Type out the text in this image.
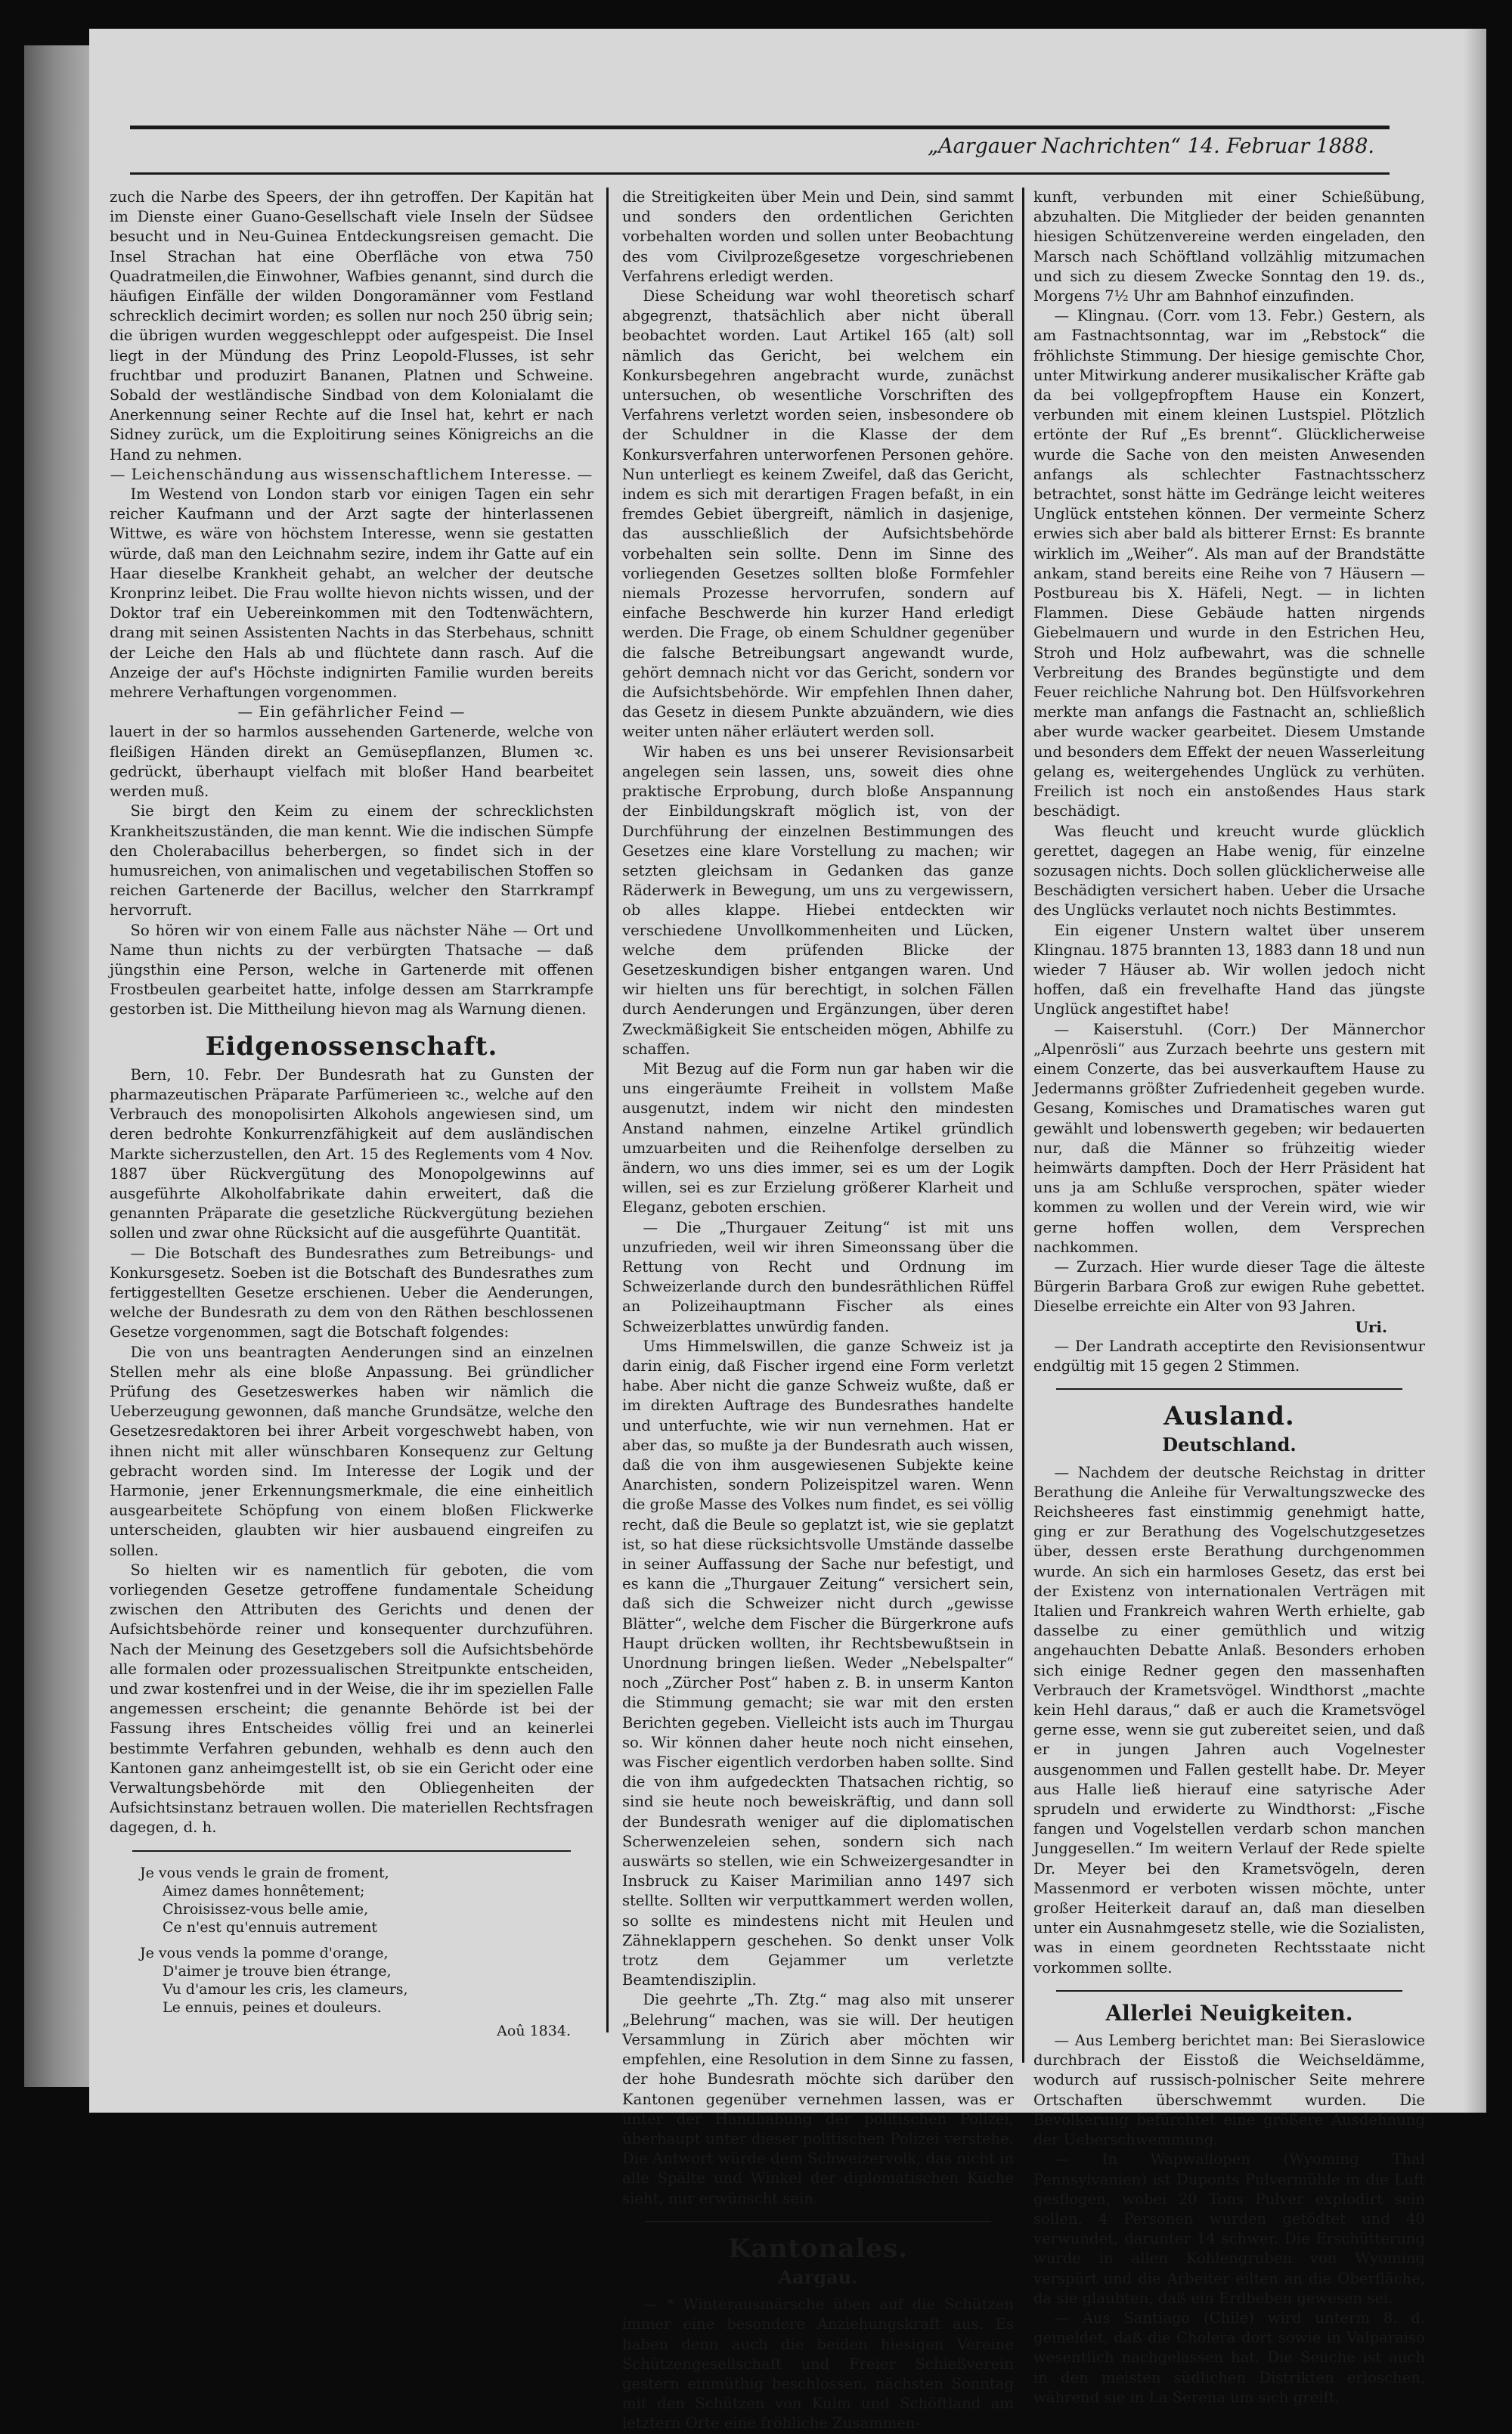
„Aargauer Nachrichten“ 14. Februar 1888.

zuch die Narbe des Speers, der ihn getroffen. Der Kapitän hat im Dienste einer Guano-Gesellschaft viele Inseln der Südsee besucht und in Neu-Guinea Entdeckungsreisen gemacht. Die Insel Strachan hat eine Oberfläche von etwa 750 Quadratmeilen,die Einwohner, Wafbies genannt, sind durch die häufigen Einfälle der wilden Dongoramänner vom Festland schrecklich decimirt worden; es sollen nur noch 250 übrig sein; die übrigen wurden weggeschleppt oder aufgespeist. Die Insel liegt in der Mündung des Prinz Leopold-Flusses, ist sehr fruchtbar und produzirt Bananen, Platnen und Schweine. Sobald der westländische Sindbad von dem Kolonialamt die Anerkennung seiner Rechte auf die Insel hat, kehrt er nach Sidney zurück, um die Exploitirung seines Königreichs an die Hand zu nehmen.

— Leichenschändung aus wissenschaftlichem Interesse. —

Im Westend von London starb vor einigen Tagen ein sehr reicher Kaufmann und der Arzt sagte der hinterlassenen Wittwe, es wäre von höchstem Interesse, wenn sie gestatten würde, daß man den Leichnahm sezire, indem ihr Gatte auf ein Haar dieselbe Krankheit gehabt, an welcher der deutsche Kronprinz leibet. Die Frau wollte hievon nichts wissen, und der Doktor traf ein Uebereinkommen mit den Todtenwächtern, drang mit seinen Assistenten Nachts in das Sterbehaus, schnitt der Leiche den Hals ab und flüchtete dann rasch. Auf die Anzeige der auf's Höchste indignirten Familie wurden bereits mehrere Verhaftungen vorgenommen.

— Ein gefährlicher Feind —

lauert in der so harmlos aussehenden Gartenerde, welche von fleißigen Händen direkt an Gemüsepflanzen, Blumen ꝛc. gedrückt, überhaupt vielfach mit bloßer Hand bearbeitet werden muß.

Sie birgt den Keim zu einem der schrecklichsten Krankheitszuständen, die man kennt. Wie die indischen Sümpfe den Cholerabacillus beherbergen, so findet sich in der humusreichen, von animalischen und vegetabilischen Stoffen so reichen Gartenerde der Bacillus, welcher den Starrkrampf hervorruft.

So hören wir von einem Falle aus nächster Nähe — Ort und Name thun nichts zu der verbürgten Thatsache — daß jüngsthin eine Person, welche in Gartenerde mit offenen Frostbeulen gearbeitet hatte, infolge dessen am Starrkrampfe gestorben ist. Die Mittheilung hievon mag als Warnung dienen.

Eidgenossenschaft.

Bern, 10. Febr. Der Bundesrath hat zu Gunsten der pharmazeutischen Präparate Parfümerieen ꝛc., welche auf den Verbrauch des monopolisirten Alkohols angewiesen sind, um deren bedrohte Konkurrenzfähigkeit auf dem ausländischen Markte sicherzustellen, den Art. 15 des Reglements vom 4 Nov. 1887 über Rückvergütung des Monopolgewinns auf ausgeführte Alkoholfabrikate dahin erweitert, daß die genannten Präparate die gesetzliche Rückvergütung beziehen sollen und zwar ohne Rücksicht auf die ausgeführte Quantität.

— Die Botschaft des Bundesrathes zum Betreibungs- und Konkursgesetz. Soeben ist die Botschaft des Bundesrathes zum fertiggestellten Gesetze erschienen. Ueber die Aenderungen, welche der Bundesrath zu dem von den Räthen beschlossenen Gesetze vorgenommen, sagt die Botschaft folgendes:

Die von uns beantragten Aenderungen sind an einzelnen Stellen mehr als eine bloße Anpassung. Bei gründlicher Prüfung des Gesetzeswerkes haben wir nämlich die Ueberzeugung gewonnen, daß manche Grundsätze, welche den Gesetzesredaktoren bei ihrer Arbeit vorgeschwebt haben, von ihnen nicht mit aller wünschbaren Konsequenz zur Geltung gebracht worden sind. Im Interesse der Logik und der Harmonie, jener Erkennungsmerkmale, die eine einheitlich ausgearbeitete Schöpfung von einem bloßen Flickwerke unterscheiden, glaubten wir hier ausbauend eingreifen zu sollen.

So hielten wir es namentlich für geboten, die vom vorliegenden Gesetze getroffene fundamentale Scheidung zwischen den Attributen des Gerichts und denen der Aufsichtsbehörde reiner und konsequenter durchzuführen. Nach der Meinung des Gesetzgebers soll die Aufsichtsbehörde alle formalen oder prozessualischen Streitpunkte entscheiden, und zwar kostenfrei und in der Weise, die ihr im speziellen Falle angemessen erscheint; die genannte Behörde ist bei der Fassung ihres Entscheides völlig frei und an keinerlei bestimmte Verfahren gebunden, wehhalb es denn auch den Kantonen ganz anheimgestellt ist, ob sie ein Gericht oder eine Verwaltungsbehörde mit den Obliegenheiten der Aufsichtsinstanz betrauen wollen. Die materiellen Rechtsfragen dagegen, d. h.

Je vous vends le grain de froment,
Aimez dames honnêtement;
Chroisissez-vous belle amie,
Ce n'est qu'ennuis autrement
Je vous vends la pomme d'orange,
D'aimer je trouve bien étrange,
Vu d'amour les cris, les clameurs,
Le ennuis, peines et douleurs.
Aoû 1834.

die Streitigkeiten über Mein und Dein, sind sammt und sonders den ordentlichen Gerichten vorbehalten worden und sollen unter Beobachtung des vom Civilprozeßgesetze vorgeschriebenen Verfahrens erledigt werden.

Diese Scheidung war wohl theoretisch scharf abgegrenzt, thatsächlich aber nicht überall beobachtet worden. Laut Artikel 165 (alt) soll nämlich das Gericht, bei welchem ein Konkursbegehren angebracht wurde, zunächst untersuchen, ob wesentliche Vorschriften des Verfahrens verletzt worden seien, insbesondere ob der Schuldner in die Klasse der dem Konkursverfahren unterworfenen Personen gehöre. Nun unterliegt es keinem Zweifel, daß das Gericht, indem es sich mit derartigen Fragen befaßt, in ein fremdes Gebiet übergreift, nämlich in dasjenige, das ausschließlich der Aufsichtsbehörde vorbehalten sein sollte. Denn im Sinne des vorliegenden Gesetzes sollten bloße Formfehler niemals Prozesse hervorrufen, sondern auf einfache Beschwerde hin kurzer Hand erledigt werden. Die Frage, ob einem Schuldner gegenüber die falsche Betreibungsart angewandt wurde, gehört demnach nicht vor das Gericht, sondern vor die Aufsichtsbehörde. Wir empfehlen Ihnen daher, das Gesetz in diesem Punkte abzuändern, wie dies weiter unten näher erläutert werden soll.

Wir haben es uns bei unserer Revisionsarbeit angelegen sein lassen, uns, soweit dies ohne praktische Erprobung, durch bloße Anspannung der Einbildungskraft möglich ist, von der Durchführung der einzelnen Bestimmungen des Gesetzes eine klare Vorstellung zu machen; wir setzten gleichsam in Gedanken das ganze Räderwerk in Bewegung, um uns zu vergewissern, ob alles klappe. Hiebei entdeckten wir verschiedene Unvollkommenheiten und Lücken, welche dem prüfenden Blicke der Gesetzeskundigen bisher entgangen waren. Und wir hielten uns für berechtigt, in solchen Fällen durch Aenderungen und Ergänzungen, über deren Zweckmäßigkeit Sie entscheiden mögen, Abhilfe zu schaffen.

Mit Bezug auf die Form nun gar haben wir die uns eingeräumte Freiheit in vollstem Maße ausgenutzt, indem wir nicht den mindesten Anstand nahmen, einzelne Artikel gründlich umzuarbeiten und die Reihenfolge derselben zu ändern, wo uns dies immer, sei es um der Logik willen, sei es zur Erzielung größerer Klarheit und Eleganz, geboten erschien.

— Die „Thurgauer Zeitung“ ist mit uns unzufrieden, weil wir ihren Simeonssang über die Rettung von Recht und Ordnung im Schweizerlande durch den bundesräthlichen Rüffel an Polizeihauptmann Fischer als eines Schweizerblattes unwürdig fanden.

Ums Himmelswillen, die ganze Schweiz ist ja darin einig, daß Fischer irgend eine Form verletzt habe. Aber nicht die ganze Schweiz wußte, daß er im direkten Auftrage des Bundesrathes handelte und unterfuchte, wie wir nun vernehmen. Hat er aber das, so mußte ja der Bundesrath auch wissen, daß die von ihm ausgewiesenen Subjekte keine Anarchisten, sondern Polizeispitzel waren. Wenn die große Masse des Volkes num findet, es sei völlig recht, daß die Beule so geplatzt ist, wie sie geplatzt ist, so hat diese rücksichtsvolle Umstände dasselbe in seiner Auffassung der Sache nur befestigt, und es kann die „Thurgauer Zeitung“ versichert sein, daß sich die Schweizer nicht durch „gewisse Blätter“, welche dem Fischer die Bürgerkrone aufs Haupt drücken wollten, ihr Rechtsbewußtsein in Unordnung bringen ließen. Weder „Nebelspalter“ noch „Zürcher Post“ haben z. B. in unserm Kanton die Stimmung gemacht; sie war mit den ersten Berichten gegeben. Vielleicht ists auch im Thurgau so. Wir können daher heute noch nicht einsehen, was Fischer eigentlich verdorben haben sollte. Sind die von ihm aufgedeckten Thatsachen richtig, so sind sie heute noch beweiskräftig, und dann soll der Bundesrath weniger auf die diplomatischen Scherwenzeleien sehen, sondern sich nach auswärts so stellen, wie ein Schweizergesandter in Insbruck zu Kaiser Marimilian anno 1497 sich stellte. Sollten wir verputtkammert werden wollen, so sollte es mindestens nicht mit Heulen und Zähneklappern geschehen. So denkt unser Volk trotz dem Gejammer um verletzte Beamtendisziplin.

Die geehrte „Th. Ztg.“ mag also mit unserer „Belehrung“ machen, was sie will. Der heutigen Versammlung in Zürich aber möchten wir empfehlen, eine Resolution in dem Sinne zu fassen, der hohe Bundesrath möchte sich darüber den Kantonen gegenüber vernehmen lassen, was er unter der Handhabung der politischen Polizei, überhaupt unter dieser politischen Polizei verstehe. Die Antwort würde dem Schweizervolk, das nicht in alle Spälte und Winkel der diplomatischen Küche sieht, nur erwünscht sein.

Kantonales.
Aargau.

— * Winterausmärsche üben auf die Schützen immer eine besondere Anziehungskraft aus. Es haben denn auch die beiden hiesigen Vereine Schützengesellschaft und Freier Schießverein gestern einmüthig beschlossen, nächsten Sonntag mit den Schützen von Kulm und Schöftland am letztern Orte eine fröhliche Zusammen-

kunft, verbunden mit einer Schießübung, abzuhalten. Die Mitglieder der beiden genannten hiesigen Schützenvereine werden eingeladen, den Marsch nach Schöftland vollzählig mitzumachen und sich zu diesem Zwecke Sonntag den 19. ds., Morgens 7½ Uhr am Bahnhof einzufinden.

— Klingnau. (Corr. vom 13. Febr.) Gestern, als am Fastnachtsonntag, war im „Rebstock“ die fröhlichste Stimmung. Der hiesige gemischte Chor, unter Mitwirkung anderer musikalischer Kräfte gab da bei vollgepfropftem Hause ein Konzert, verbunden mit einem kleinen Lustspiel. Plötzlich ertönte der Ruf „Es brennt“. Glücklicherweise wurde die Sache von den meisten Anwesenden anfangs als schlechter Fastnachtsscherz betrachtet, sonst hätte im Gedränge leicht weiteres Unglück entstehen können. Der vermeinte Scherz erwies sich aber bald als bitterer Ernst: Es brannte wirklich im „Weiher“. Als man auf der Brandstätte ankam, stand bereits eine Reihe von 7 Häusern — Postbureau bis X. Häfeli, Negt. — in lichten Flammen. Diese Gebäude hatten nirgends Giebelmauern und wurde in den Estrichen Heu, Stroh und Holz aufbewahrt, was die schnelle Verbreitung des Brandes begünstigte und dem Feuer reichliche Nahrung bot. Den Hülfsvorkehren merkte man anfangs die Fastnacht an, schließlich aber wurde wacker gearbeitet. Diesem Umstande und besonders dem Effekt der neuen Wasserleitung gelang es, weitergehendes Unglück zu verhüten. Freilich ist noch ein anstoßendes Haus stark beschädigt.

Was fleucht und kreucht wurde glücklich gerettet, dagegen an Habe wenig, für einzelne sozusagen nichts. Doch sollen glücklicherweise alle Beschädigten versichert haben. Ueber die Ursache des Unglücks verlautet noch nichts Bestimmtes.

Ein eigener Unstern waltet über unserem Klingnau. 1875 brannten 13, 1883 dann 18 und nun wieder 7 Häuser ab. Wir wollen jedoch nicht hoffen, daß ein frevelhafte Hand das jüngste Unglück angestiftet habe!

— Kaiserstuhl. (Corr.) Der Männerchor „Alpenrösli“ aus Zurzach beehrte uns gestern mit einem Conzerte, das bei ausverkauftem Hause zu Jedermanns größter Zufriedenheit gegeben wurde. Gesang, Komisches und Dramatisches waren gut gewählt und lobenswerth gegeben; wir bedauerten nur, daß die Männer so frühzeitig wieder heimwärts dampften. Doch der Herr Präsident hat uns ja am Schluße versprochen, später wieder kommen zu wollen und der Verein wird, wie wir gerne hoffen wollen, dem Versprechen nachkommen.

— Zurzach. Hier wurde dieser Tage die älteste Bürgerin Barbara Groß zur ewigen Ruhe gebettet. Dieselbe erreichte ein Alter von 93 Jahren.

Uri.

— Der Landrath acceptirte den Revisionsentwur endgültig mit 15 gegen 2 Stimmen.

Ausland.
Deutschland.

— Nachdem der deutsche Reichstag in dritter Berathung die Anleihe für Verwaltungszwecke des Reichsheeres fast einstimmig genehmigt hatte, ging er zur Berathung des Vogelschutzgesetzes über, dessen erste Berathung durchgenommen wurde. An sich ein harmloses Gesetz, das erst bei der Existenz von internationalen Verträgen mit Italien und Frankreich wahren Werth erhielte, gab dasselbe zu einer gemüthlich und witzig angehauchten Debatte Anlaß. Besonders erhoben sich einige Redner gegen den massenhaften Verbrauch der Krametsvögel. Windthorst „machte kein Hehl daraus,“ daß er auch die Krametsvögel gerne esse, wenn sie gut zubereitet seien, und daß er in jungen Jahren auch Vogelnester ausgenommen und Fallen gestellt habe. Dr. Meyer aus Halle ließ hierauf eine satyrische Ader sprudeln und erwiderte zu Windthorst: „Fische fangen und Vogelstellen verdarb schon manchen Junggesellen.“ Im weitern Verlauf der Rede spielte Dr. Meyer bei den Krametsvögeln, deren Massenmord er verboten wissen möchte, unter großer Heiterkeit darauf an, daß man dieselben unter ein Ausnahmgesetz stelle, wie die Sozialisten, was in einem geordneten Rechtsstaate nicht vorkommen sollte.

Allerlei Neuigkeiten.

— Aus Lemberg berichtet man: Bei Sieraslowice durchbrach der Eisstoß die Weichseldämme, wodurch auf russisch-polnischer Seite mehrere Ortschaften überschwemmt wurden. Die Bevölkerung befürchtet eine größere Ausdehnung der Ueberschwemmung.

— In Wapwallopen (Wyoming Thal Pennsylvanien) ist Duponts Pulvermühle in die Luft gesflogen, wobei 20 Tons Pulver explodirt sein sollen. 4 Personen wurden getödtet und 40 verwundet, darunter 14 schwer. Die Erschütterung wurde in allen Kohlengruben von Wyoming verspürt und die Arbeiter eilten an die Oberfläche, da sie glaubten, daß ein Erdbeben gewesen sei.

— Aus Santiago (Chile) wird unterm 8. d. gemeldet, daß die Cholera dort sowie in Valparaiso wesentlich nachgelassen hat. Die Seuche ist auch in den meisten südlichen Distrikten erloschen, während sie in La Serena um sich greift.
